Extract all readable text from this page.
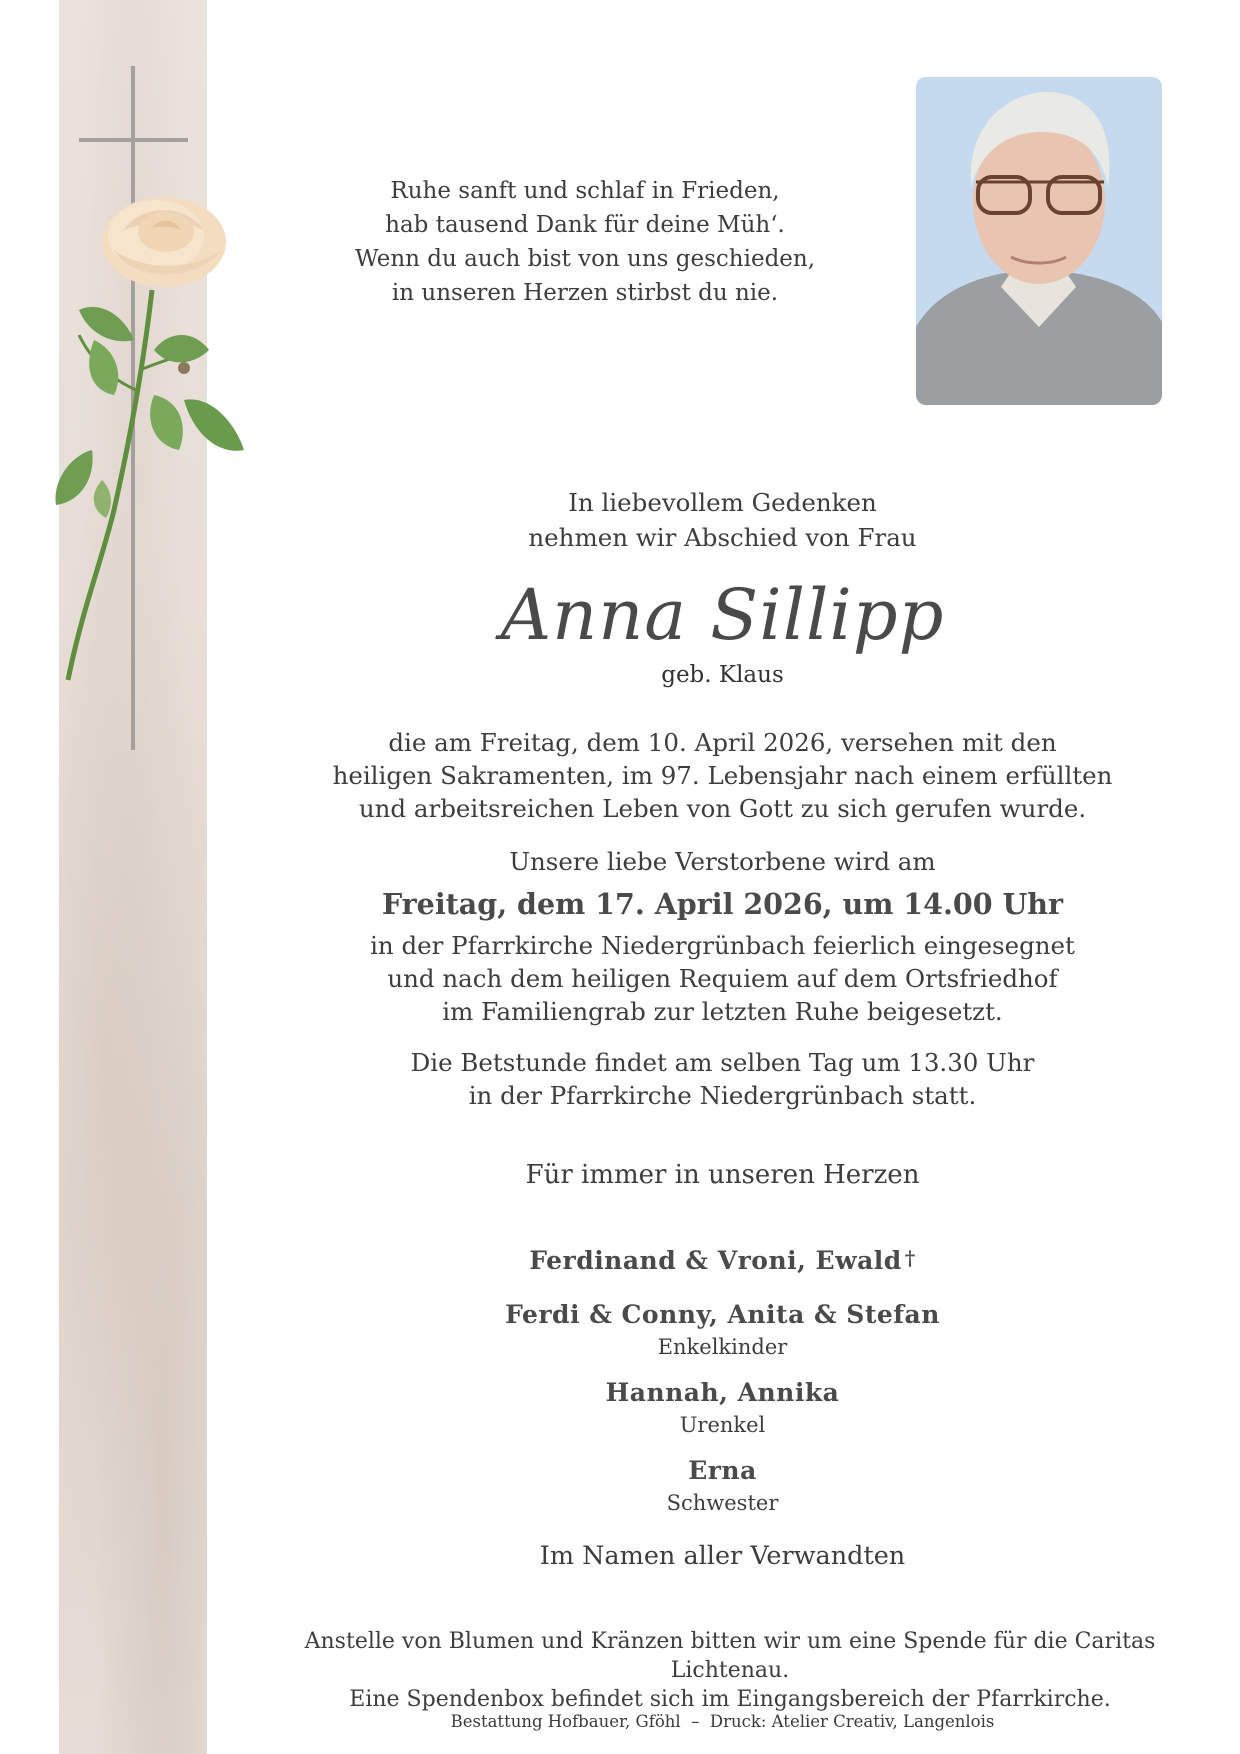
Ruhe sanft und schlaf in Frieden,
hab tausend Dank für deine Müh‘.
Wenn du auch bist von uns geschieden,
in unseren Herzen stirbst du nie.
In liebevollem Gedenken
nehmen wir Abschied von Frau
Anna Sillipp
geb. Klaus
die am Freitag, dem 10. April 2026, versehen mit den
heiligen Sakramenten, im 97. Lebensjahr nach einem erfüllten
und arbeitsreichen Leben von Gott zu sich gerufen wurde.
Unsere liebe Verstorbene wird am
Freitag, dem 17. April 2026, um 14.00 Uhr
in der Pfarrkirche Niedergrünbach feierlich eingesegnet
und nach dem heiligen Requiem auf dem Ortsfriedhof
im Familiengrab zur letzten Ruhe beigesetzt.
Die Betstunde findet am selben Tag um 13.30 Uhr
in der Pfarrkirche Niedergrünbach statt.
Für immer in unseren Herzen
Ferdinand & Vroni, Ewald †
Ferdi & Conny, Anita & Stefan
Enkelkinder
Hannah, Annika
Urenkel
Erna
Schwester
Im Namen aller Verwandten
Anstelle von Blumen und Kränzen bitten wir um eine Spende für die Caritas Lichtenau.
Eine Spendenbox befindet sich im Eingangsbereich der Pfarrkirche.
Bestattung Hofbauer, Gföhl  –  Druck: Atelier Creativ, Langenlois
